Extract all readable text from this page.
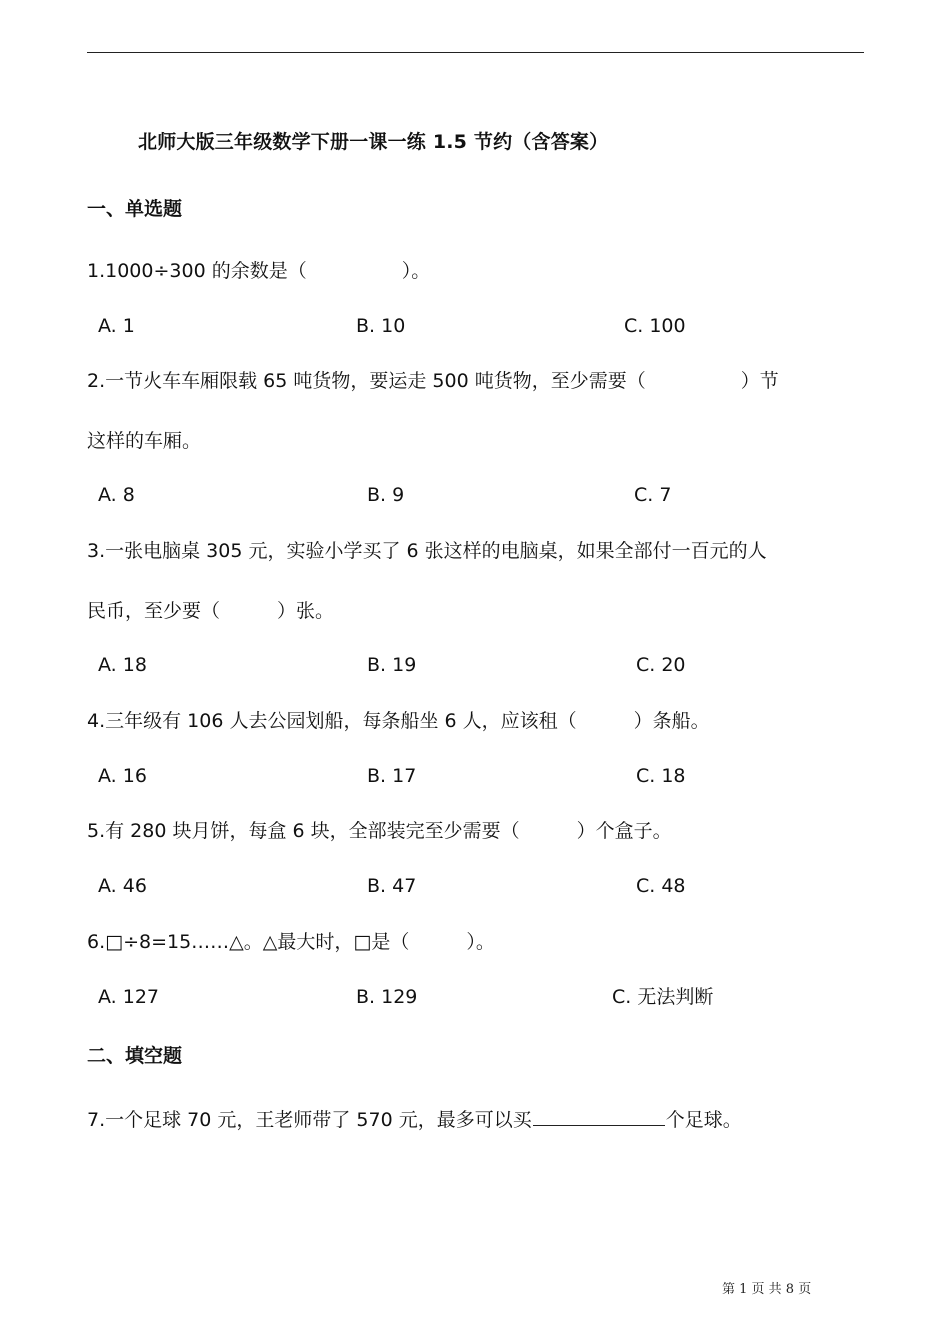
北师大版三年级数学下册一课一练 1.5 节约（含答案）
一、单选题
1.1000÷300 的余数是（　　　　　）。
A. 1	B. 10	C. 100
2.一节火车车厢限载 65 吨货物，要运走 500 吨货物，至少需要（　　　　　）节
这样的车厢。
A. 8	B. 9	C. 7
3.一张电脑桌 305 元，实验小学买了 6 张这样的电脑桌，如果全部付一百元的人
民币，至少要（　　　）张。
A. 18	B. 19	C. 20
4.三年级有 106 人去公园划船，每条船坐 6 人，应该租（　　　）条船。
A. 16	B. 17	C. 18
5.有 280 块月饼，每盒 6 块，全部装完至少需要（　　　）个盒子。
A. 46	B. 47	C. 48
6.□÷8=15……△。△最大时，□是（　　　）。
A. 127	B. 129	C. 无法判断
二、填空题
7.一个足球 70 元，王老师带了 570 元，最多可以买	个足球。
第 1 页 共 8 页
